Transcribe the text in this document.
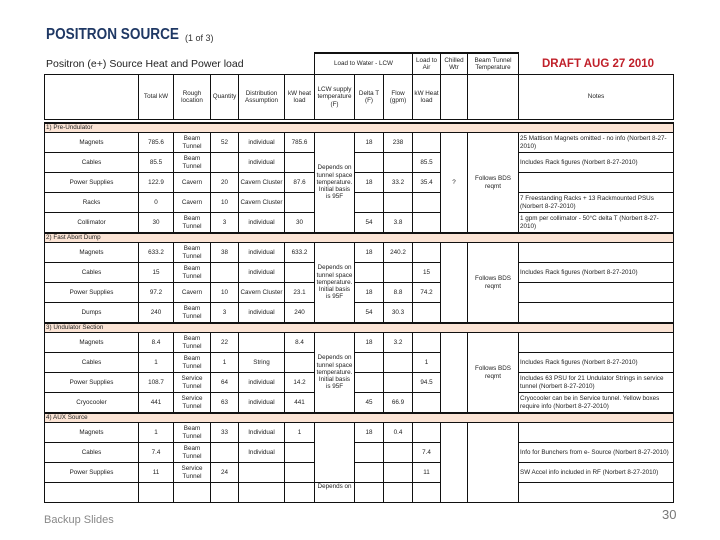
POSITRON SOURCE (1 of 3)
						Load to Water - LCW			Load to Air	Chilled Wtr	Beam Tunnel Temperature	
	Total kW	Rough location	Quantity	Distribution Assumption	kW heat load	LCW supply temperature (F)	Delta T (F)	Flow (gpm)	kW Heat load			Notes

1) Pre-Undulator												
Magnets	785.6	Beam Tunnel	52	individual	785.6	Depends on tunnel space temperature. Initial basis is 95F	18	238		?	Follows BDS reqmt	25 Mattison Magnets omitted - no info (Norbert 8-27-2010)
Cables	85.5	Beam Tunnel		individual					85.5			Includes Rack figures (Norbert 8-27-2010)
Power Supplies	122.9	Cavern	20	Cavern Cluster	87.6		18	33.2	35.4			
Racks	0	Cavern	10	Cavern Cluster								7 Freestanding Racks + 13 Rackmounted PSUs (Norbert 8-27-2010)
Collimator	30	Beam Tunnel	3	individual	30		54	3.8				1 gpm per collimator - 50°C delta T (Norbert 8-27-2010)
2) Fast Abort Dump												
Magnets	633.2	Beam Tunnel	38	individual	633.2	Depends on tunnel space temperature. Initial basis is 95F	18	240.2			Follows BDS reqmt	
Cables	15	Beam Tunnel		individual					15			Includes Rack figures (Norbert 8-27-2010)
Power Supplies	97.2	Cavern	10	Cavern Cluster	23.1		18	8.8	74.2			
Dumps	240	Beam Tunnel	3	individual	240		54	30.3				
3) Undulator Section												
Magnets	8.4	Beam Tunnel	22		8.4	Depends on tunnel space temperature. Initial basis is 95F	18	3.2			Follows BDS reqmt	
Cables	1	Beam Tunnel	1	String					1			Includes Rack figures (Norbert 8-27-2010)
Power Supplies	108.7	Service Tunnel	64	individual	14.2				94.5			Includes 63 PSU for 21 Undulator Strings in service tunnel (Norbert 8-27-2010)
Cryocooler	441	Service Tunnel	63	individual	441		45	66.9				Cryocooler can be in Service tunnel. Yellow boxes require info (Norbert 8-27-2010)
4) AUX Source												
Magnets	1	Beam Tunnel	33	Individual	1		18	0.4				
Cables	7.4	Beam Tunnel		Individual					7.4			Info for Bunchers from e- Source (Norbert 8-27-2010)
Power Supplies	11	Service Tunnel	24						11			SW Accel info included in RF (Norbert 8-27-2010)
						Depends on						
Positron (e+) Source Heat and Power load	DRAFT AUG 27 2010
Backup Slides	30
